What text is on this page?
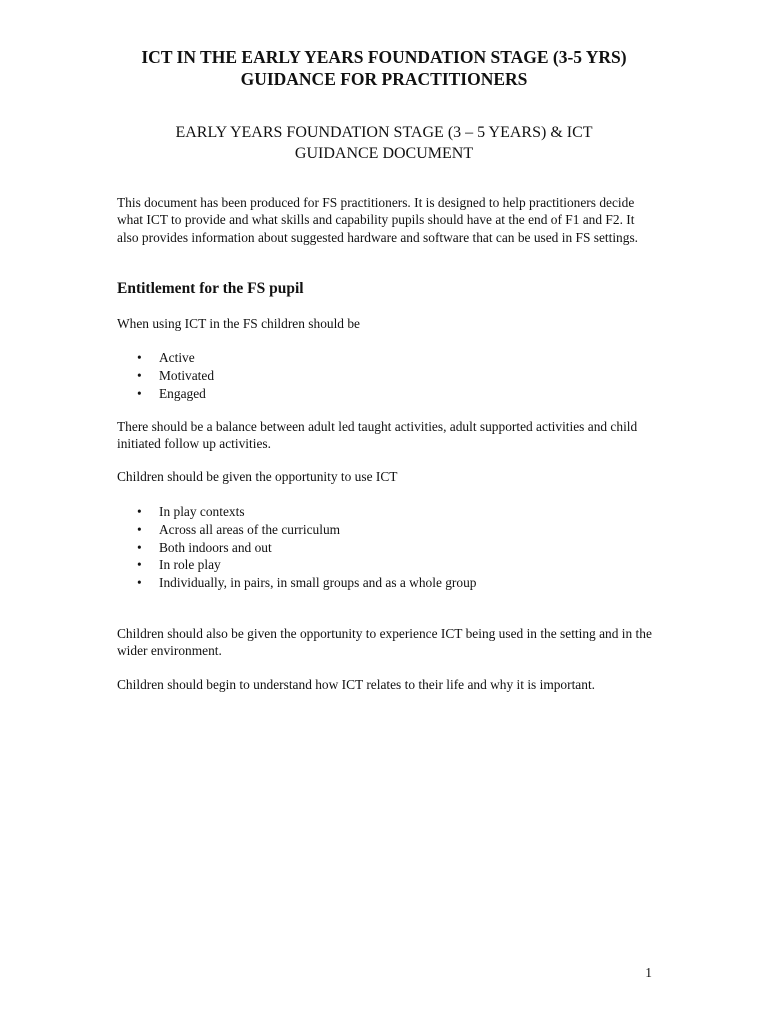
ICT IN THE EARLY YEARS FOUNDATION STAGE (3-5 YRS)
GUIDANCE FOR PRACTITIONERS
EARLY YEARS FOUNDATION STAGE (3 – 5 YEARS) & ICT
GUIDANCE DOCUMENT

This document has been produced for FS practitioners. It is designed to help practitioners decide what ICT to provide and what skills and capability pupils should have at the end of F1 and F2. It also provides information about suggested hardware and software that can be used in FS settings.

Entitlement for the FS pupil

When using ICT in the FS children should be

• Active
• Motivated
• Engaged

There should be a balance between adult led taught activities, adult supported activities and child initiated follow up activities.

Children should be given the opportunity to use ICT

• In play contexts
• Across all areas of the curriculum
• Both indoors and out
• In role play
• Individually, in pairs, in small groups and as a whole group

Children should also be given the opportunity to experience ICT being used in the setting and in the wider environment.

Children should begin to understand how ICT relates to their life and why it is important.

1
